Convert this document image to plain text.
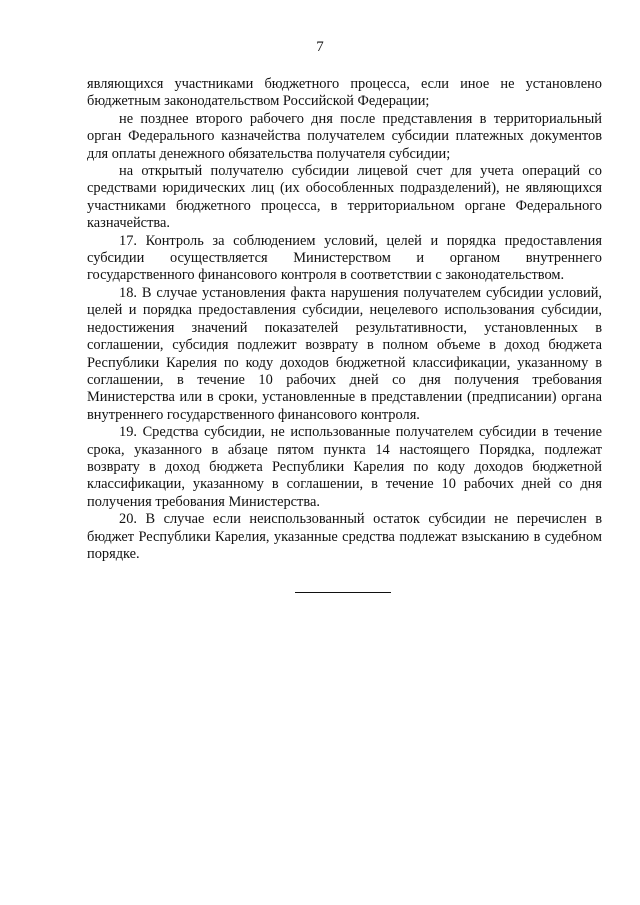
7

являющихся участниками бюджетного процесса, если иное не установлено бюджетным законодательством Российской Федерации;

не позднее второго рабочего дня после представления в территориальный орган Федерального казначейства получателем субсидии платежных документов для оплаты денежного обязательства получателя субсидии;

на открытый получателю субсидии лицевой счет для учета операций со средствами юридических лиц (их обособленных подразделений), не являющихся участниками бюджетного процесса, в территориальном органе Федерального казначейства.

17. Контроль за соблюдением условий, целей и порядка предоставления субсидии осуществляется Министерством и органом внутреннего государственного финансового контроля в соответствии с законодательством.

18. В случае установления факта нарушения получателем субсидии условий, целей и порядка предоставления субсидии, нецелевого использования субсидии, недостижения значений показателей результативности, установленных в соглашении, субсидия подлежит возврату в полном объеме в доход бюджета Республики Карелия по коду доходов бюджетной классификации, указанному в соглашении, в течение 10 рабочих дней со дня получения требования Министерства или в сроки, установленные в представлении (предписании) органа внутреннего государственного финансового контроля.

19. Средства субсидии, не использованные получателем субсидии в течение срока, указанного в абзаце пятом пункта 14 настоящего Порядка, подлежат возврату в доход бюджета Республики Карелия по коду доходов бюджетной классификации, указанному в соглашении, в течение 10 рабочих дней со дня получения требования Министерства.

20. В случае если неиспользованный остаток субсидии не перечислен в бюджет Республики Карелия, указанные средства подлежат взысканию в судебном порядке.
